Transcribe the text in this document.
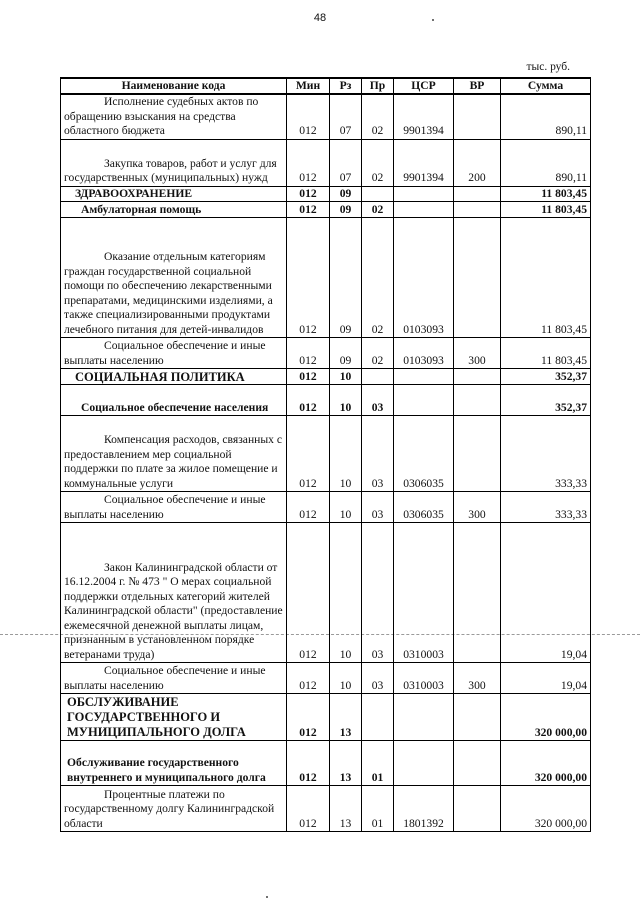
48
тыс. руб.
Наименование кода	Мин	Рз	Пр	ЦСР	ВР	Сумма
Исполнение судебных актов по обращению взыскания на средства областного бюджета	012	07	02	9901394		890,11
Закупка товаров, работ и услуг для государственных (муниципальных) нужд	012	07	02	9901394	200	890,11
ЗДРАВООХРАНЕНИЕ	012	09				11 803,45
Амбулаторная помощь	012	09	02			11 803,45
Оказание отдельным категориям граждан государственной социальной помощи по обеспечению лекарственными препаратами, медицинскими изделиями, а также специализированными продуктами лечебного питания для детей-инвалидов	012	09	02	0103093		11 803,45
Социальное обеспечение и иные выплаты населению	012	09	02	0103093	300	11 803,45
СОЦИАЛЬНАЯ ПОЛИТИКА	012	10				352,37
Социальное обеспечение населения	012	10	03			352,37
Компенсация расходов, связанных с предоставлением мер социальной поддержки по плате за жилое помещение и коммунальные услуги	012	10	03	0306035		333,33
Социальное обеспечение и иные выплаты населению	012	10	03	0306035	300	333,33
Закон Калининградской области от 16.12.2004 г. № 473 " О мерах социальной поддержки отдельных категорий жителей Калининградской области" (предоставление ежемесячной денежной выплаты лицам, признанным в установленном порядке ветеранами труда)	012	10	03	0310003		19,04
Социальное обеспечение и иные выплаты населению	012	10	03	0310003	300	19,04
ОБСЛУЖИВАНИЕ ГОСУДАРСТВЕННОГО И МУНИЦИПАЛЬНОГО ДОЛГА	012	13				320 000,00
Обслуживание государственного внутреннего и муниципального долга	012	13	01			320 000,00
Процентные платежи по государственному долгу Калининградской области	012	13	01	1801392		320 000,00
